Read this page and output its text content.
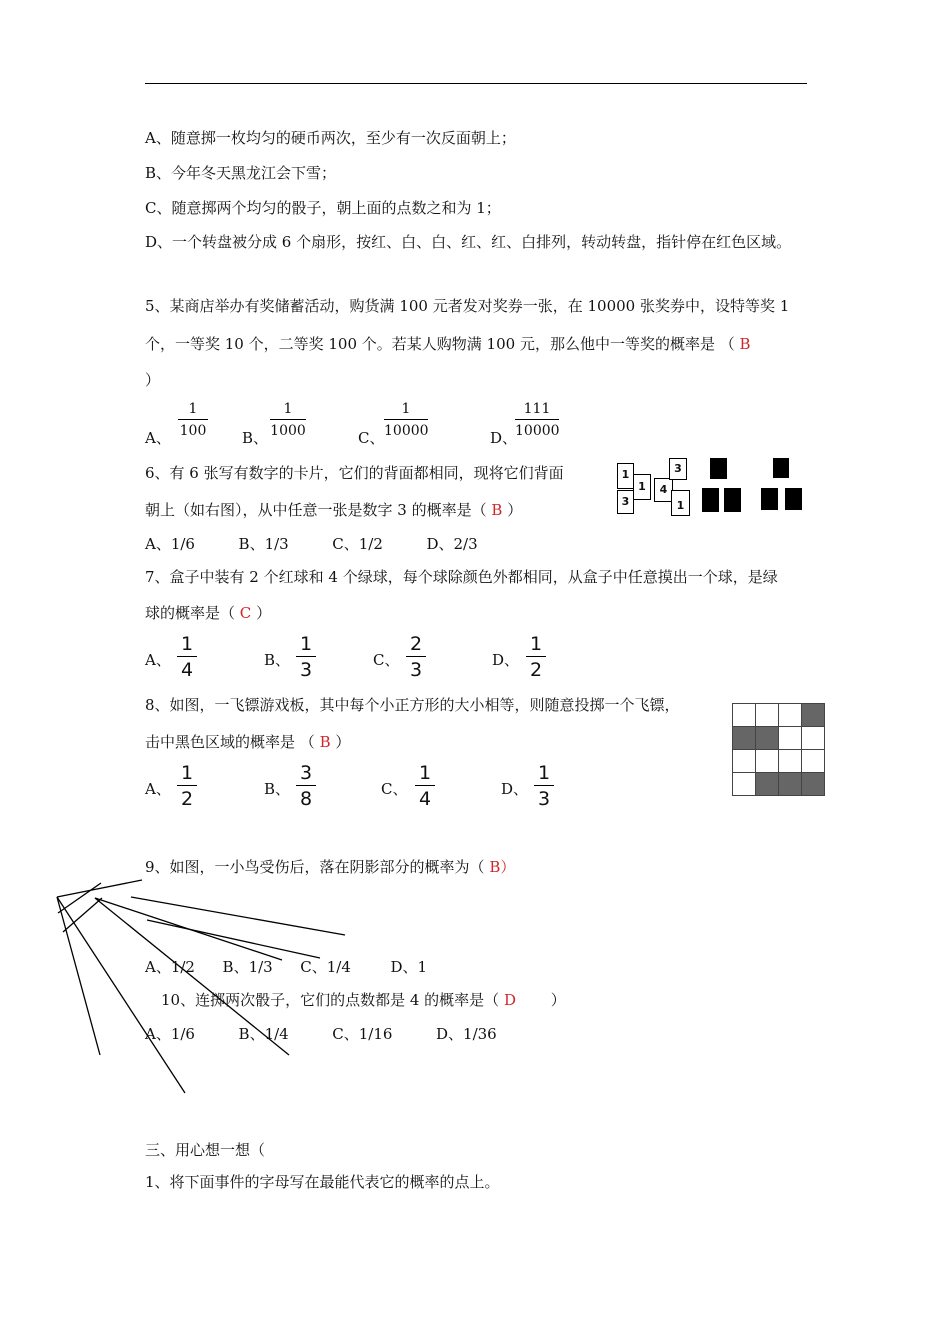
A、随意掷一枚均匀的硬币两次，至少有一次反面朝上；
B、今年冬天黑龙江会下雪；
C、随意掷两个均匀的骰子，朝上面的点数之和为 1；
D、一个转盘被分成 6 个扇形，按红、白、白、红、红、白排列，转动转盘，指针停在红色区域。
5、某商店举办有奖储蓄活动，购货满 100 元者发对奖券一张，在 10000 张奖券中，设特等奖 1
个，一等奖 10 个，二等奖 100 个。若某人购物满 100 元，那么他中一等奖的概率是 （ B
）
A、
1
100 B、
1
1000	C、
1
10000	D、
111
10000
6、有 6 张写有数字的卡片，它们的背面都相同，现将它们背面
朝上（如右图），从中任意一张是数字 3 的概率是（ B ）
A、1/6	B、1/3	C、1/2	D、2/3
1
3
1	4
3
1
7、盒子中装有 2 个红球和 4 个绿球，每个球除颜色外都相同，从盒子中任意摸出一个球，是绿
球的概率是（ C ）
A、
1
4	B、
1
3	C、
2
3	D、
1
2
8、如图，一飞镖游戏板，其中每个小正方形的大小相等，则随意投掷一个飞镖，
击中黑色区域的概率是 （ B ）

A、
1
2	B、
3
8	C、
1
4	D、
1
3
9、如图，一小鸟受伤后，落在阴影部分的概率为（ B）
A、1/2 B、1/3 C、1/4	D、1
10、连掷两次骰子，它们的点数都是 4 的概率是（ D ）
A、1/6	B、1/4	C、1/16	D、1/36
三、用心想一想（
1、将下面事件的字母写在最能代表它的概率的点上。
